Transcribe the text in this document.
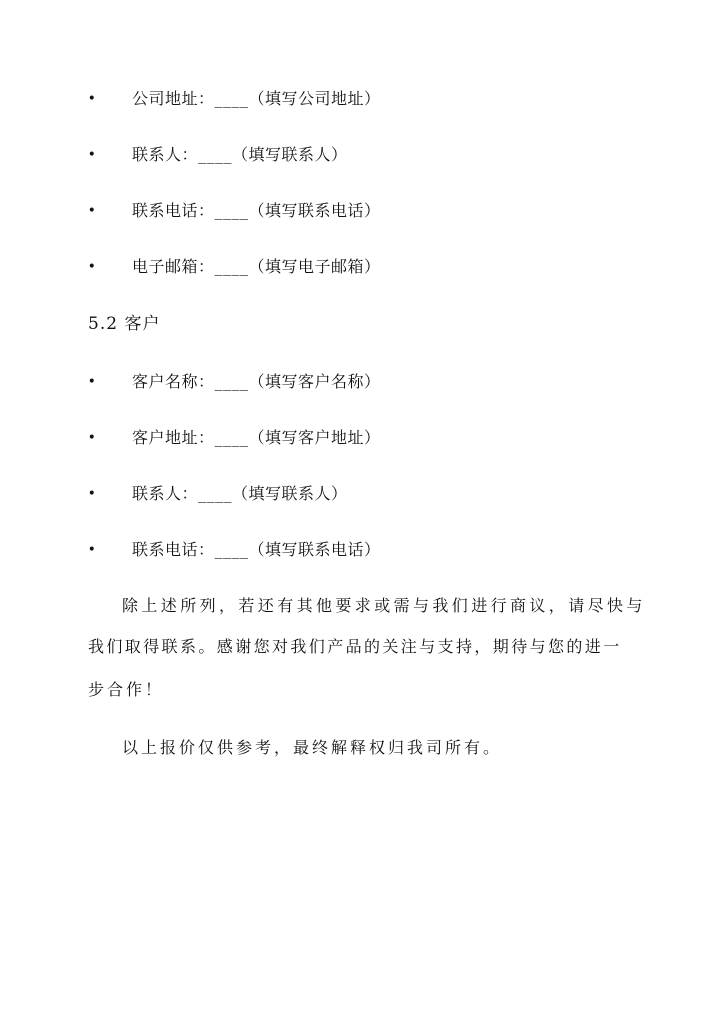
• 公司地址：____（填写公司地址）
• 联系人：____（填写联系人）
• 联系电话：____（填写联系电话）
• 电子邮箱：____（填写电子邮箱）
5.2 客户
• 客户名称：____（填写客户名称）
• 客户地址：____（填写客户地址）
• 联系人：____（填写联系人）
• 联系电话：____（填写联系电话）
除上述所列，若还有其他要求或需与我们进行商议，请尽快与
我们取得联系。感谢您对我们产品的关注与支持，期待与您的进一
步合作！
以上报价仅供参考，最终解释权归我司所有。
